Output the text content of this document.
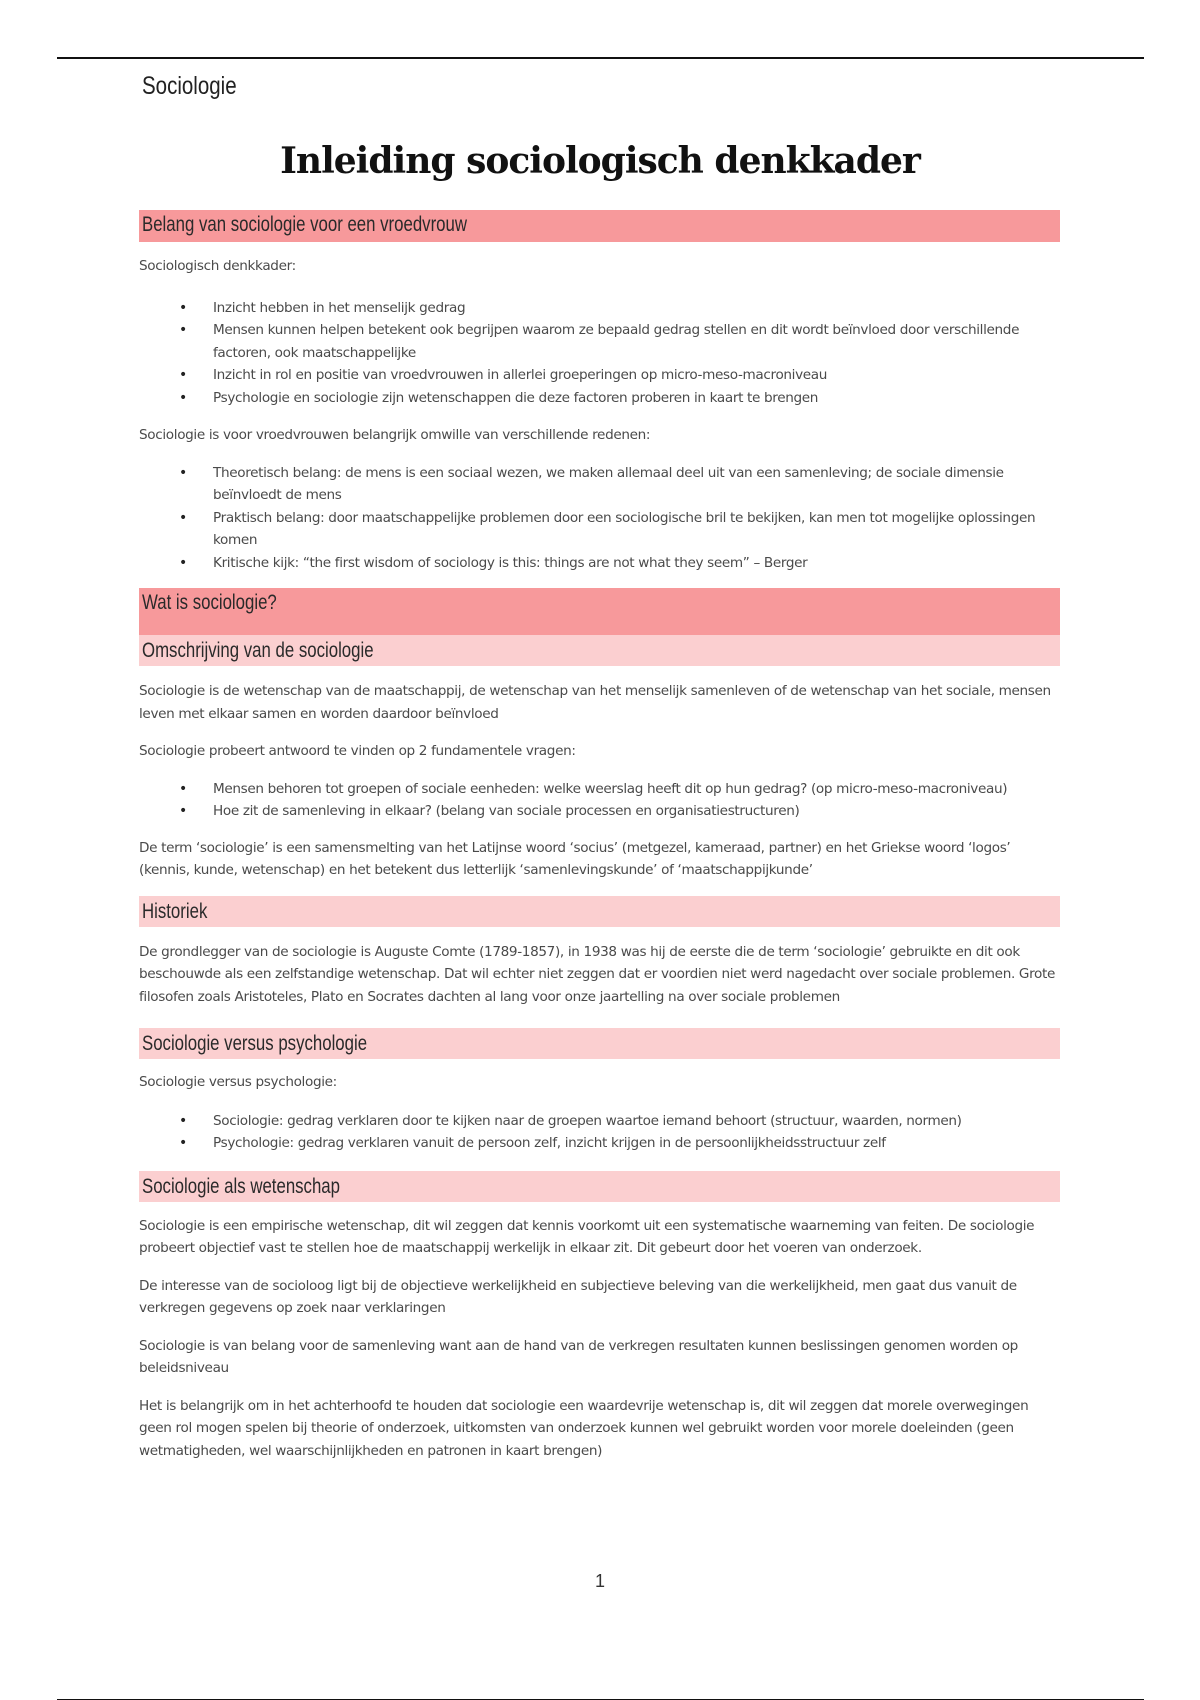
Sociologie
Inleiding sociologisch denkkader
Belang van sociologie voor een vroedvrouw

Sociologisch denkkader:

• Inzicht hebben in het menselijk gedrag
• Mensen kunnen helpen betekent ook begrijpen waarom ze bepaald gedrag stellen en dit wordt beïnvloed door verschillende factoren, ook maatschappelijke
• Inzicht in rol en positie van vroedvrouwen in allerlei groeperingen op micro-meso-macroniveau
• Psychologie en sociologie zijn wetenschappen die deze factoren proberen in kaart te brengen

Sociologie is voor vroedvrouwen belangrijk omwille van verschillende redenen:

• Theoretisch belang: de mens is een sociaal wezen, we maken allemaal deel uit van een samenleving; de sociale dimensie beïnvloedt de mens
• Praktisch belang: door maatschappelijke problemen door een sociologische bril te bekijken, kan men tot mogelijke oplossingen komen
• Kritische kijk: “the first wisdom of sociology is this: things are not what they seem” – Berger
Wat is sociologie?
Omschrijving van de sociologie

Sociologie is de wetenschap van de maatschappij, de wetenschap van het menselijk samenleven of de wetenschap van het sociale, mensen leven met elkaar samen en worden daardoor beïnvloed

Sociologie probeert antwoord te vinden op 2 fundamentele vragen:

• Mensen behoren tot groepen of sociale eenheden: welke weerslag heeft dit op hun gedrag? (op micro-meso-macroniveau)
• Hoe zit de samenleving in elkaar? (belang van sociale processen en organisatiestructuren)

De term ‘sociologie’ is een samensmelting van het Latijnse woord ‘socius’ (metgezel, kameraad, partner) en het Griekse woord ‘logos’ (kennis, kunde, wetenschap) en het betekent dus letterlijk ‘samenlevingskunde’ of ‘maatschappijkunde’

Historiek

De grondlegger van de sociologie is Auguste Comte (1789-1857), in 1938 was hij de eerste die de term ‘sociologie’ gebruikte en dit ook beschouwde als een zelfstandige wetenschap. Dat wil echter niet zeggen dat er voordien niet werd nagedacht over sociale problemen. Grote filosofen zoals Aristoteles, Plato en Socrates dachten al lang voor onze jaartelling na over sociale problemen

Sociologie versus psychologie

Sociologie versus psychologie:

• Sociologie: gedrag verklaren door te kijken naar de groepen waartoe iemand behoort (structuur, waarden, normen)
• Psychologie: gedrag verklaren vanuit de persoon zelf, inzicht krijgen in de persoonlijkheidsstructuur zelf
Sociologie als wetenschap

Sociologie is een empirische wetenschap, dit wil zeggen dat kennis voorkomt uit een systematische waarneming van feiten. De sociologie probeert objectief vast te stellen hoe de maatschappij werkelijk in elkaar zit. Dit gebeurt door het voeren van onderzoek.

De interesse van de socioloog ligt bij de objectieve werkelijkheid en subjectieve beleving van die werkelijkheid, men gaat dus vanuit de verkregen gegevens op zoek naar verklaringen

Sociologie is van belang voor de samenleving want aan de hand van de verkregen resultaten kunnen beslissingen genomen worden op beleidsniveau

Het is belangrijk om in het achterhoofd te houden dat sociologie een waardevrije wetenschap is, dit wil zeggen dat morele overwegingen geen rol mogen spelen bij theorie of onderzoek, uitkomsten van onderzoek kunnen wel gebruikt worden voor morele doeleinden (geen wetmatigheden, wel waarschijnlijkheden en patronen in kaart brengen)

1
